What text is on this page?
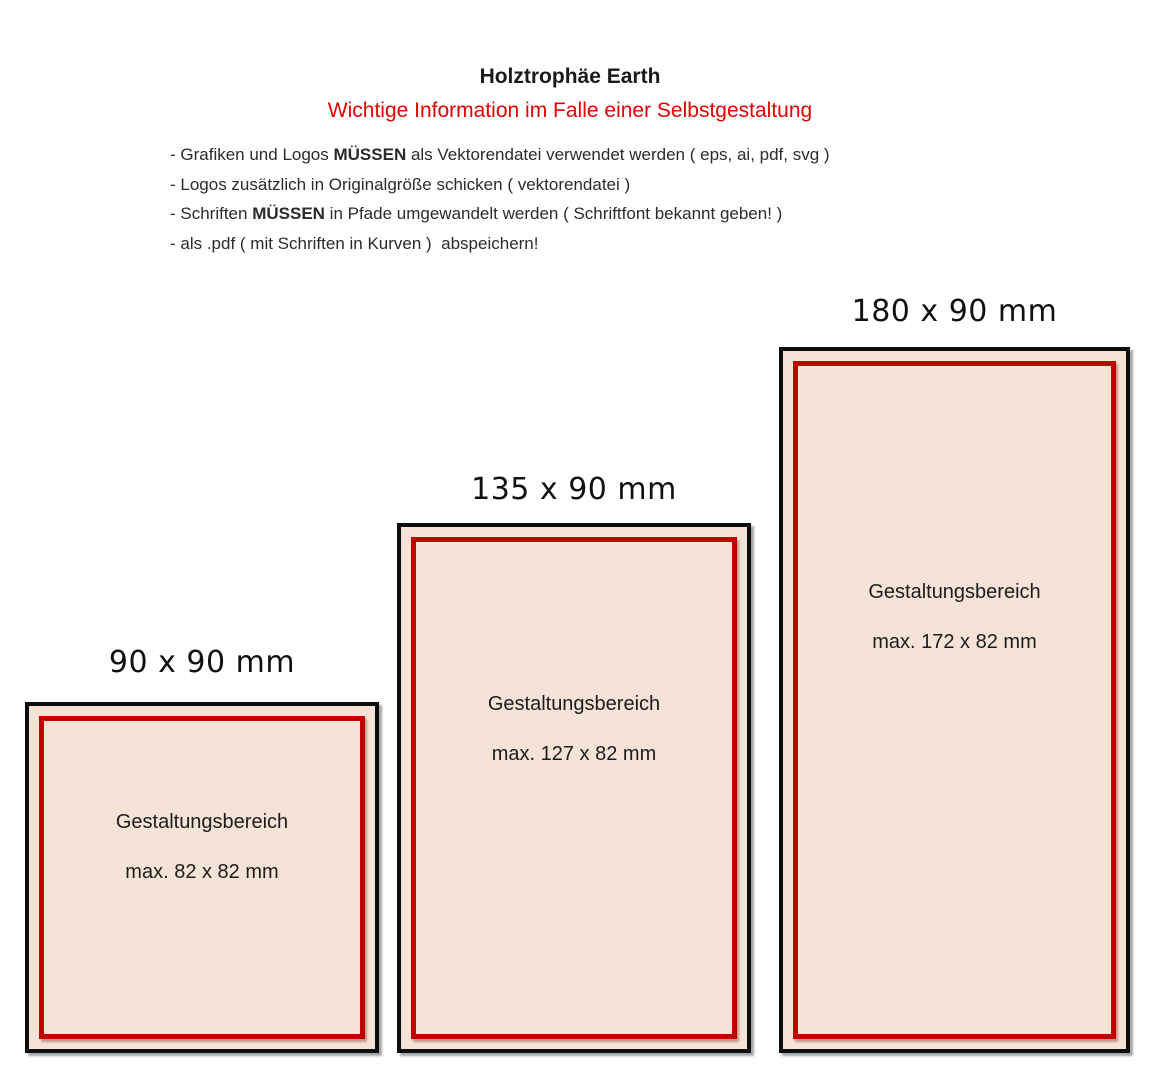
Holztrophäe Earth
Wichtige Information im Falle einer Selbstgestaltung
- Grafiken und Logos MÜSSEN als Vektorendatei verwendet werden ( eps, ai, pdf, svg )
- Logos zusätzlich in Originalgröße schicken ( vektorendatei )
- Schriften MÜSSEN in Pfade umgewandelt werden ( Schriftfont bekannt geben! )
- als .pdf ( mit Schriften in Kurven )  abspeichern!
90 x 90 mm
Gestaltungsbereich
max. 82 x 82 mm
135 x 90 mm
Gestaltungsbereich
max. 127 x 82 mm
180 x 90 mm
Gestaltungsbereich
max. 172 x 82 mm
